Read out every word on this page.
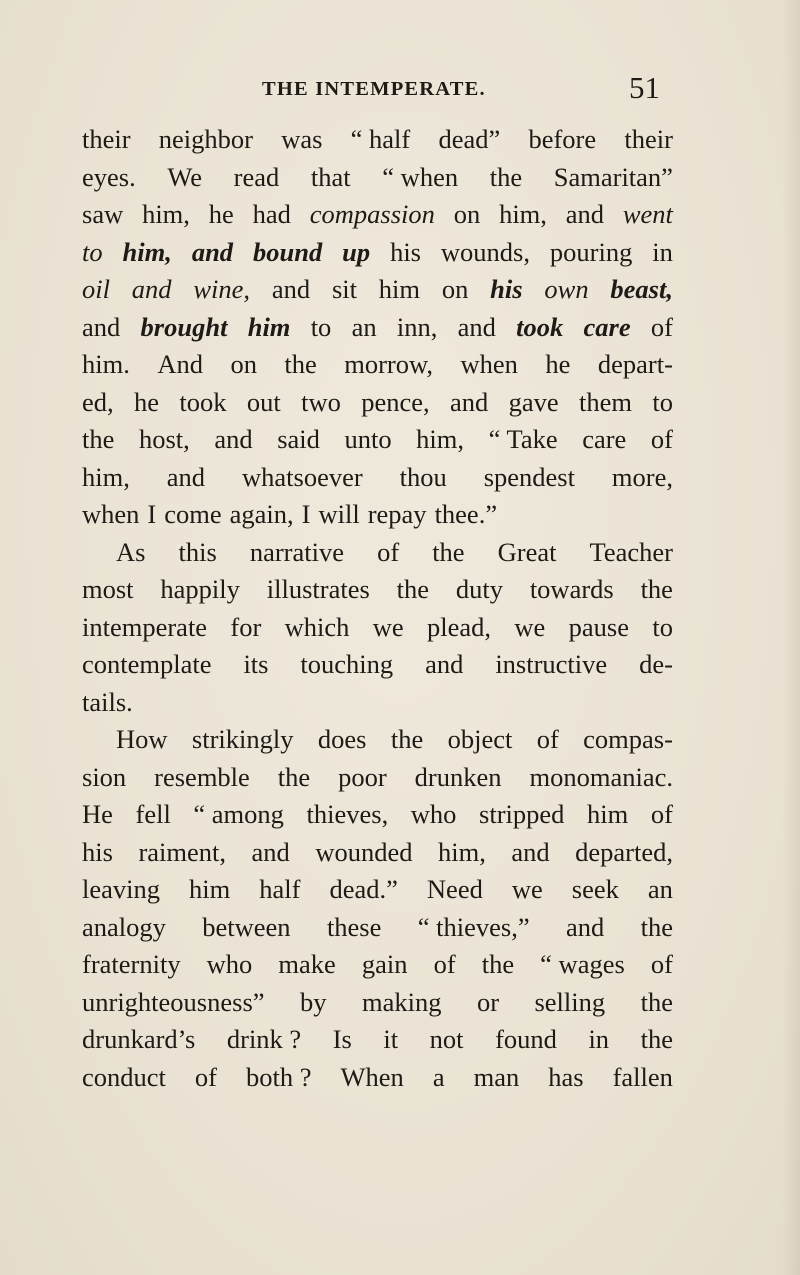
THE INTEMPERATE.	51
their neighbor was “ half dead” before their
eyes. We read that “ when the Samaritan”
saw him, he had compassion on him, and went
to him, and bound up his wounds, pouring in
oil and wine, and sit him on his own beast,
and brought him to an inn, and took care of
him. And on the morrow, when he depart-
ed, he took out two pence, and gave them to
the host, and said unto him, “ Take care of
him, and whatsoever thou spendest more,
when I come again, I will repay thee.”
As this narrative of the Great Teacher
most happily illustrates the duty towards the
intemperate for which we plead, we pause to
contemplate its touching and instructive de-
tails.
How strikingly does the object of compas-
sion resemble the poor drunken monomaniac.
He fell “ among thieves, who stripped him of
his raiment, and wounded him, and departed,
leaving him half dead.” Need we seek an
analogy between these “ thieves,” and the
fraternity who make gain of the “ wages of
unrighteousness” by making or selling the
drunkard’s drink ? Is it not found in the
conduct of both ? When a man has fallen
